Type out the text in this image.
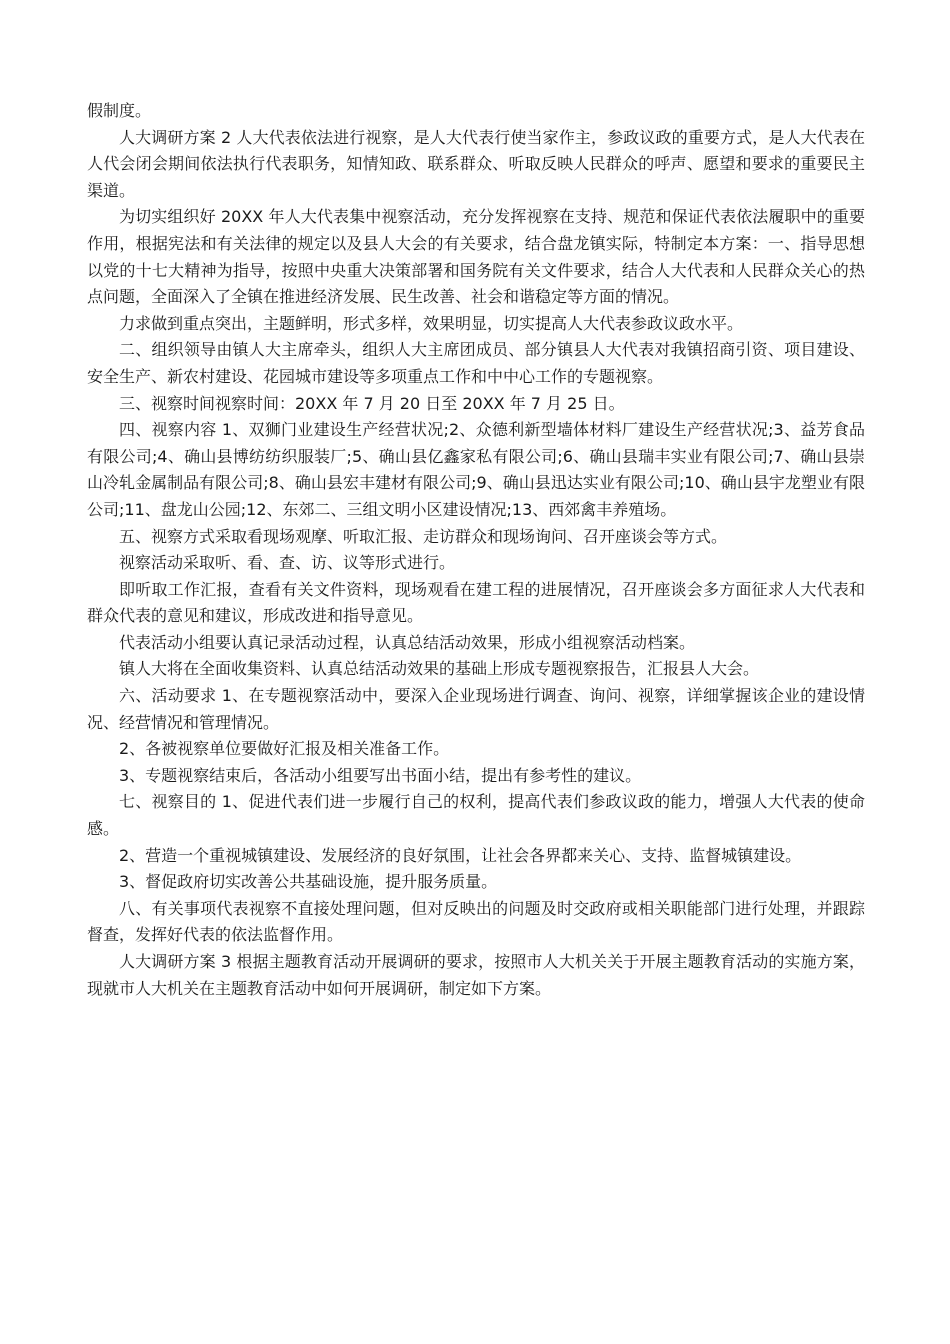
假制度。

人大调研方案 2 人大代表依法进行视察，是人大代表行使当家作主，参政议政的重要方式，是人大代表在人代会闭会期间依法执行代表职务，知情知政、联系群众、听取反映人民群众的呼声、愿望和要求的重要民主渠道。

为切实组织好 20XX 年人大代表集中视察活动，充分发挥视察在支持、规范和保证代表依法履职中的重要作用，根据宪法和有关法律的规定以及县人大会的有关要求，结合盘龙镇实际，特制定本方案：一、指导思想以党的十七大精神为指导，按照中央重大决策部署和国务院有关文件要求，结合人大代表和人民群众关心的热点问题，全面深入了全镇在推进经济发展、民生改善、社会和谐稳定等方面的情况。

力求做到重点突出，主题鲜明，形式多样，效果明显，切实提高人大代表参政议政水平。

二、组织领导由镇人大主席牵头，组织人大主席团成员、部分镇县人大代表对我镇招商引资、项目建设、安全生产、新农村建设、花园城市建设等多项重点工作和中中心工作的专题视察。

三、视察时间视察时间：20XX 年 7 月 20 日至 20XX 年 7 月 25 日。

四、视察内容 1、双狮门业建设生产经营状况;2、众德利新型墙体材料厂建设生产经营状况;3、益芳食品有限公司;4、确山县博纺纺织服装厂;5、确山县亿鑫家私有限公司;6、确山县瑞丰实业有限公司;7、确山县崇山冷轧金属制品有限公司;8、确山县宏丰建材有限公司;9、确山县迅达实业有限公司;10、确山县宇龙塑业有限公司;11、盘龙山公园;12、东郊二、三组文明小区建设情况;13、西郊禽丰养殖场。

五、视察方式采取看现场观摩、听取汇报、走访群众和现场询问、召开座谈会等方式。

视察活动采取听、看、查、访、议等形式进行。

即听取工作汇报，查看有关文件资料，现场观看在建工程的进展情况，召开座谈会多方面征求人大代表和群众代表的意见和建议，形成改进和指导意见。

代表活动小组要认真记录活动过程，认真总结活动效果，形成小组视察活动档案。

镇人大将在全面收集资料、认真总结活动效果的基础上形成专题视察报告，汇报县人大会。

六、活动要求 1、在专题视察活动中，要深入企业现场进行调查、询问、视察，详细掌握该企业的建设情况、经营情况和管理情况。

2、各被视察单位要做好汇报及相关准备工作。

3、专题视察结束后，各活动小组要写出书面小结，提出有参考性的建议。

七、视察目的 1、促进代表们进一步履行自己的权利，提高代表们参政议政的能力，增强人大代表的使命感。

2、营造一个重视城镇建设、发展经济的良好氛围，让社会各界都来关心、支持、监督城镇建设。

3、督促政府切实改善公共基础设施，提升服务质量。

八、有关事项代表视察不直接处理问题，但对反映出的问题及时交政府或相关职能部门进行处理，并跟踪督查，发挥好代表的依法监督作用。

人大调研方案 3 根据主题教育活动开展调研的要求，按照市人大机关关于开展主题教育活动的实施方案，现就市人大机关在主题教育活动中如何开展调研，制定如下方案。
